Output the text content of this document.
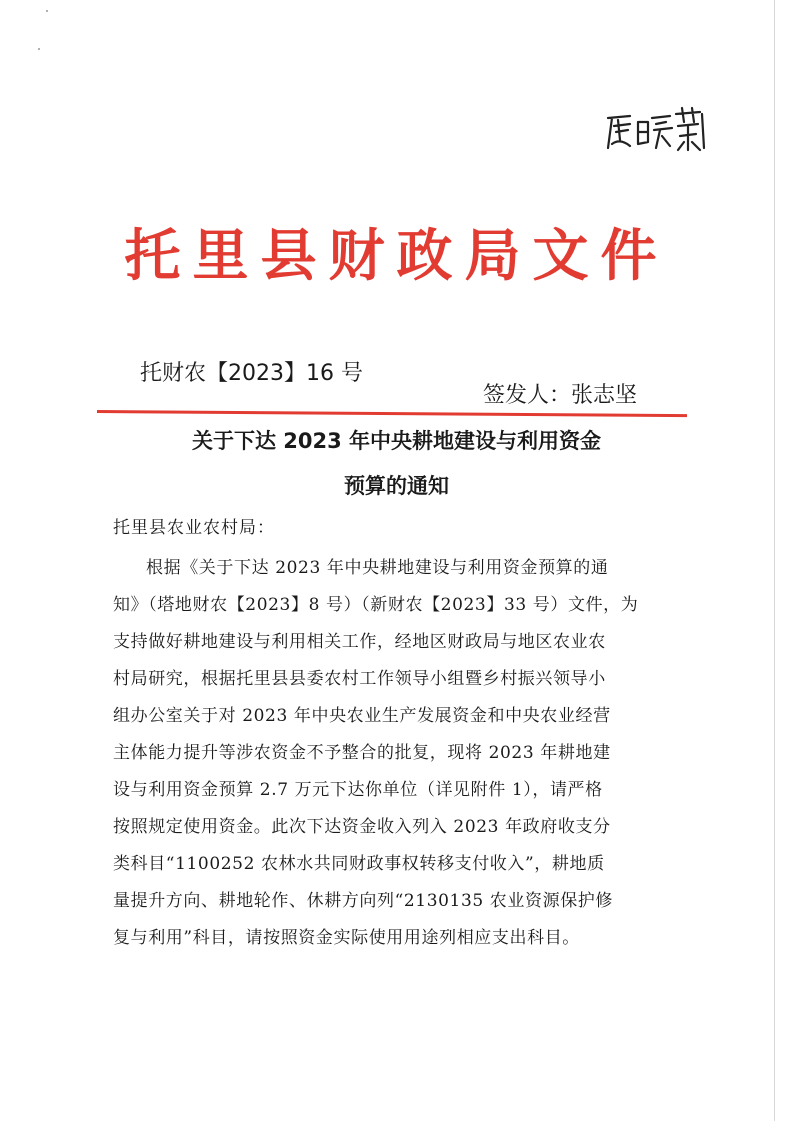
托里县财政局文件
托财农【2023】16 号
签发人：张志坚
关于下达 2023 年中央耕地建设与利用资金
预算的通知
托里县农业农村局：
根据《关于下达 2023 年中央耕地建设与利用资金预算的通
知》（塔地财农【2023】8 号）（新财农【2023】33 号）文件，为
支持做好耕地建设与利用相关工作，经地区财政局与地区农业农
村局研究，根据托里县县委农村工作领导小组暨乡村振兴领导小
组办公室关于对 2023 年中央农业生产发展资金和中央农业经营
主体能力提升等涉农资金不予整合的批复，现将 2023 年耕地建
设与利用资金预算 2.7 万元下达你单位（详见附件 1），请严格
按照规定使用资金。此次下达资金收入列入 2023 年政府收支分
类科目“1100252 农林水共同财政事权转移支付收入”，耕地质
量提升方向、耕地轮作、休耕方向列“2130135 农业资源保护修
复与利用”科目，请按照资金实际使用用途列相应支出科目。
